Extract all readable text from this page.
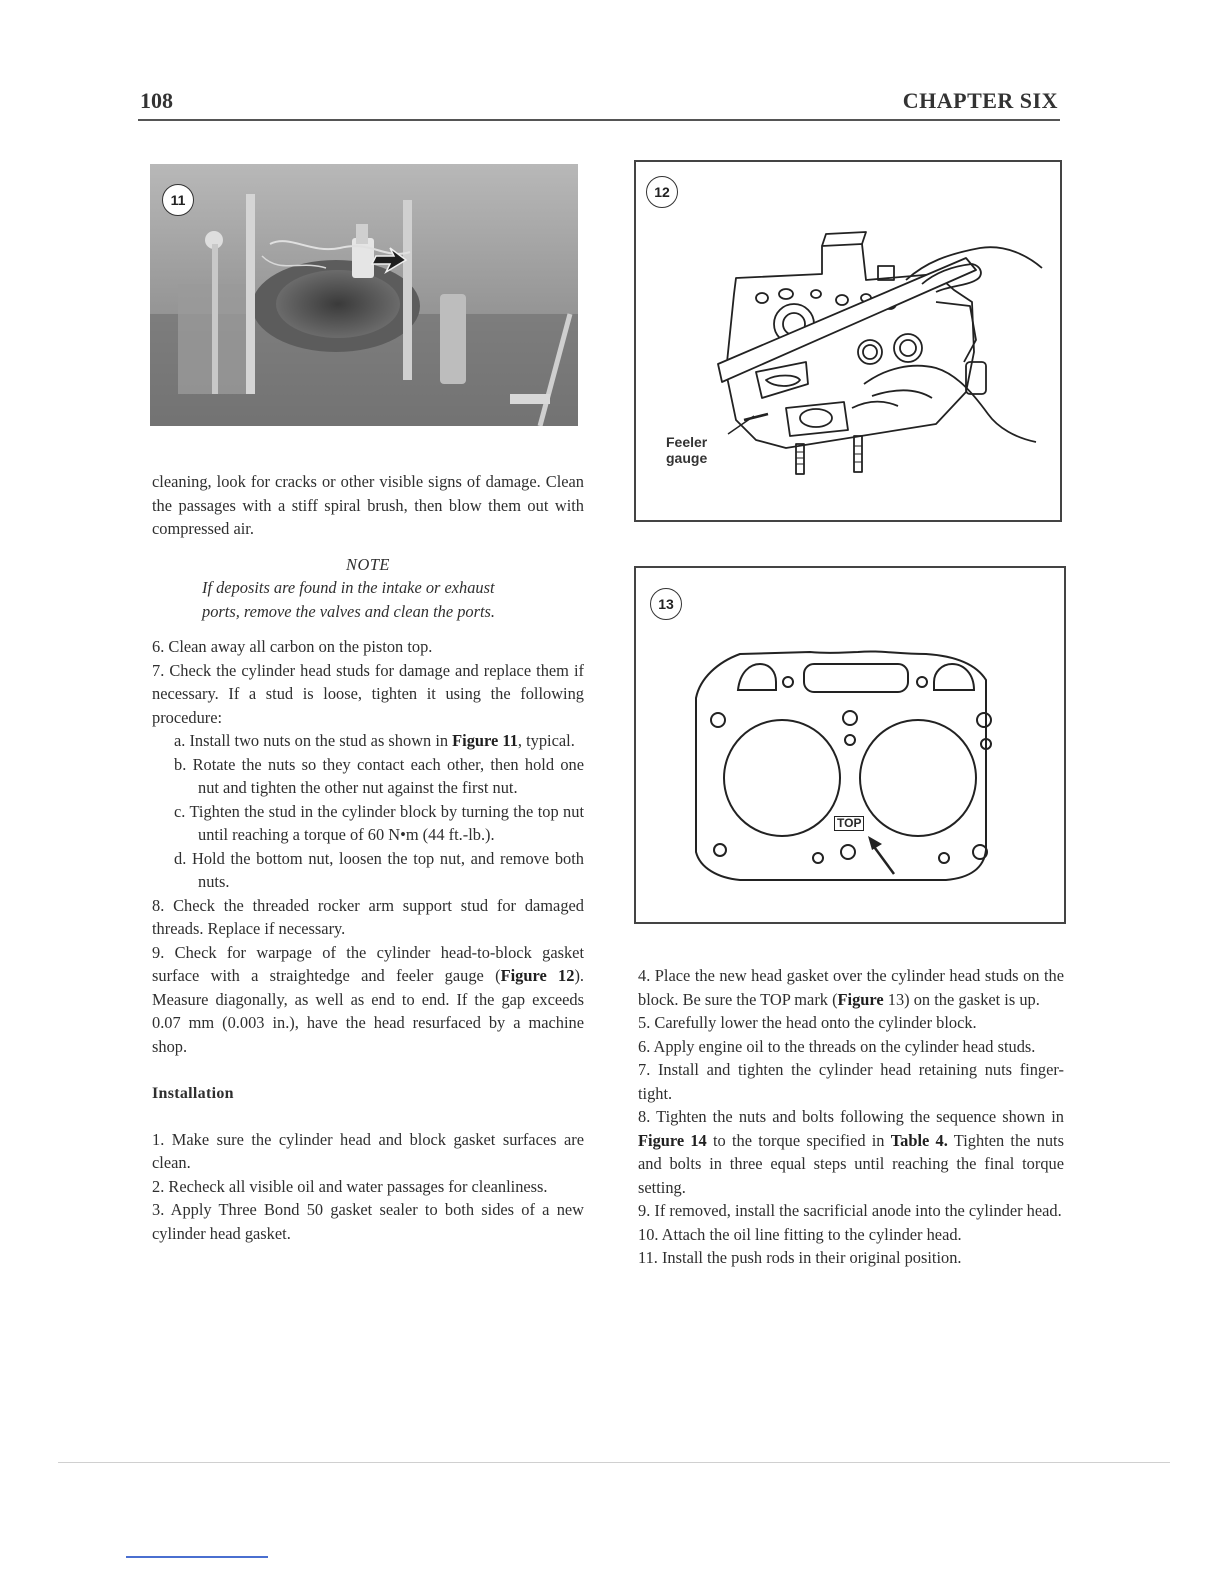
108	CHAPTER SIX
11	12
Feeler
gauge
13
TOP

cleaning, look for cracks or other visible signs of damage. Clean the passages with a stiff spiral brush, then blow them out with compressed air.

NOTE

If deposits are found in the intake or exhaust ports, remove the valves and clean the ports.

6. Clean away all carbon on the piston top.

7. Check the cylinder head studs for damage and replace them if necessary. If a stud is loose, tighten it using the following procedure:

a. Install two nuts on the stud as shown in Figure 11, typical.

b. Rotate the nuts so they contact each other, then hold one nut and tighten the other nut against the first nut.

c. Tighten the stud in the cylinder block by turning the top nut until reaching a torque of 60 N•m (44 ft.-lb.).

d. Hold the bottom nut, loosen the top nut, and remove both nuts.

8. Check the threaded rocker arm support stud for damaged threads. Replace if necessary.

9. Check for warpage of the cylinder head-to-block gasket surface with a straightedge and feeler gauge (Figure 12). Measure diagonally, as well as end to end. If the gap exceeds 0.07 mm (0.003 in.), have the head resurfaced by a machine shop.

Installation

1. Make sure the cylinder head and block gasket surfaces are clean.

2. Recheck all visible oil and water passages for cleanliness.

3. Apply Three Bond 50 gasket sealer to both sides of a new cylinder head gasket.

4. Place the new head gasket over the cylinder head studs on the block. Be sure the TOP mark (Figure 13) on the gasket is up.

5. Carefully lower the head onto the cylinder block.

6. Apply engine oil to the threads on the cylinder head studs.

7. Install and tighten the cylinder head retaining nuts finger-tight.

8. Tighten the nuts and bolts following the sequence shown in Figure 14 to the torque specified in Table 4. Tighten the nuts and bolts in three equal steps until reaching the final torque setting.

9. If removed, install the sacrificial anode into the cylinder head.

10. Attach the oil line fitting to the cylinder head.

11. Install the push rods in their original position.
